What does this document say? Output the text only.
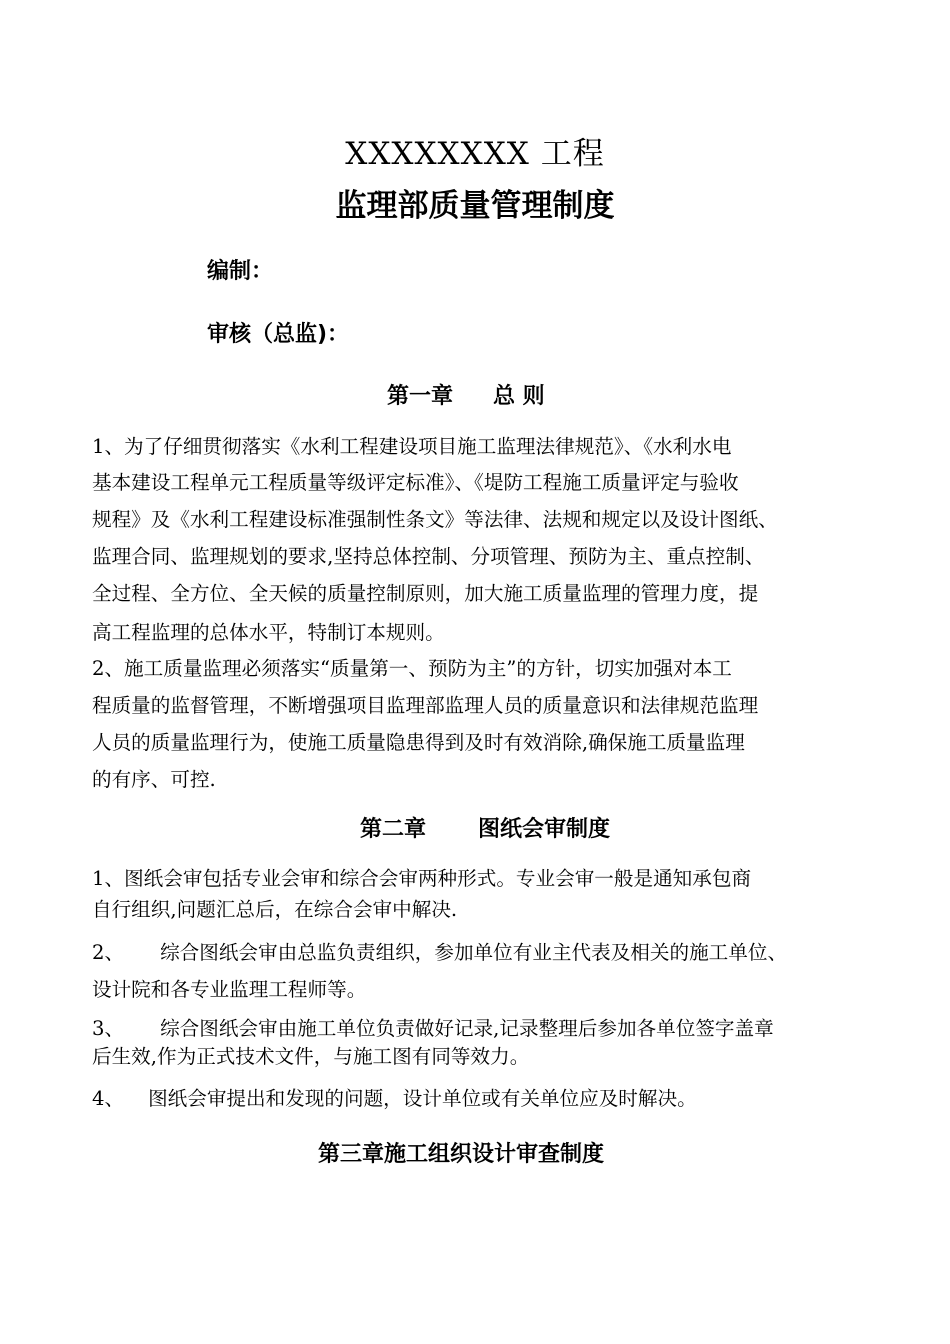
XXXXXXXX 工程
监理部质量管理制度
编制：
审核（总监)：
第一章 总 则
1、为了仔细贯彻落实《水利工程建设项目施工监理法律规范》、《水利水电
基本建设工程单元工程质量等级评定标准》、《堤防工程施工质量评定与验收
规程》及《水利工程建设标准强制性条文》等法律、法规和规定以及设计图纸、
监理合同、监理规划的要求,坚持总体控制、分项管理、预防为主、重点控制、
全过程、全方位、全天候的质量控制原则，加大施工质量监理的管理力度，提
高工程监理的总体水平，特制订本规则。
2、施工质量监理必须落实“质量第一、预防为主”的方针，切实加强对本工
程质量的监督管理，不断增强项目监理部监理人员的质量意识和法律规范监理
人员的质量监理行为，使施工质量隐患得到及时有效消除,确保施工质量监理
的有序、可控.
第二章 图纸会审制度
1、图纸会审包括专业会审和综合会审两种形式。专业会审一般是通知承包商
自行组织,问题汇总后，在综合会审中解决.
2、 综合图纸会审由总监负责组织，参加单位有业主代表及相关的施工单位、
设计院和各专业监理工程师等。
3、 综合图纸会审由施工单位负责做好记录,记录整理后参加各单位签字盖章
后生效,作为正式技术文件，与施工图有同等效力。
4、 图纸会审提出和发现的问题，设计单位或有关单位应及时解决。
第三章施工组织设计审查制度
